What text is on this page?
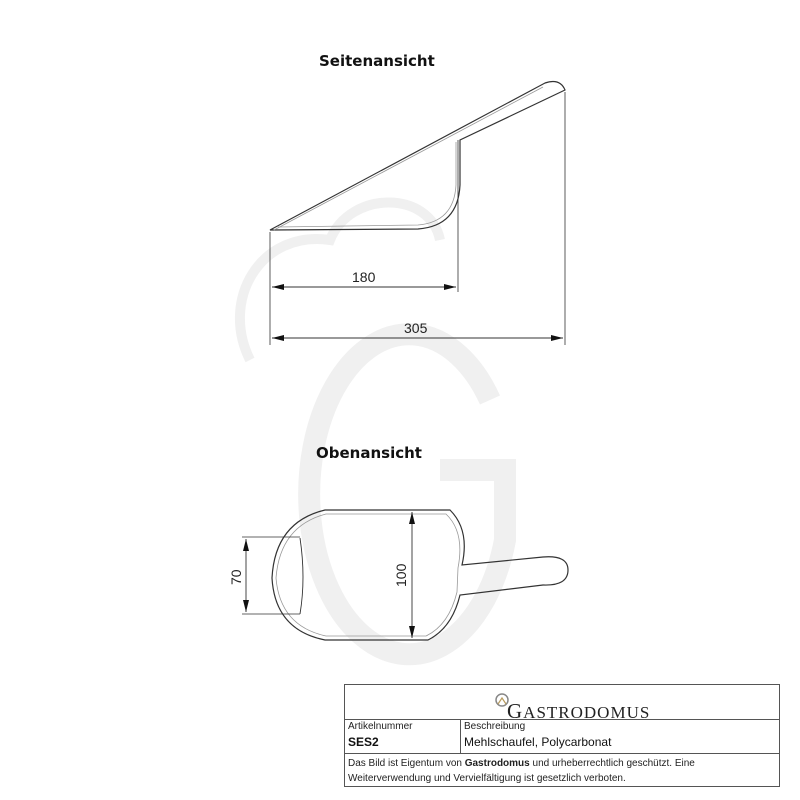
180
305
70	100
Seitenansicht
Obenansicht
GASTRODOMUS
Artikelnummer
SES2
Beschreibung
Mehlschaufel, Polycarbonat
Das Bild ist Eigentum von Gastrodomus und urheberrechtlich geschützt. Eine Weiterverwendung und Vervielfältigung ist gesetzlich verboten.
